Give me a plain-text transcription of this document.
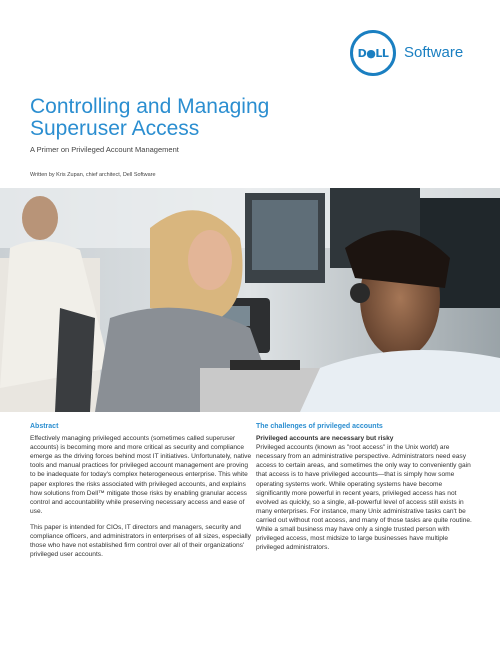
D●LL Software
Controlling and Managing Superuser Access
A Primer on Privileged Account Management
Written by Kris Zupan, chief architect, Dell Software
Abstract

Effectively managing privileged accounts (sometimes called superuser accounts) is becoming more and more critical as security and compliance emerge as the driving forces behind most IT initiatives. Unfortunately, native tools and manual practices for privileged account management are proving to be inadequate for today's complex heterogeneous enterprise. This white paper explores the risks associated with privileged accounts, and explains how solutions from Dell™ mitigate those risks by enabling granular access control and accountability while preserving necessary access and ease of use.

This paper is intended for CIOs, IT directors and managers, security and compliance officers, and administrators in enterprises of all sizes, especially those who have not established firm control over all of their organizations' privileged user accounts.

The challenges of privileged accounts
Privileged accounts are necessary but risky

Privileged accounts (known as "root access" in the Unix world) are necessary from an administrative perspective. Administrators need easy access to certain areas, and sometimes the only way to conveniently gain that access is to have privileged accounts—that is simply how some operating systems work. While operating systems have become significantly more powerful in recent years, privileged access has not evolved as quickly, so a single, all-powerful level of access still exists in many enterprises. For instance, many Unix administrative tasks can't be carried out without root access, and many of those tasks are quite routine. While a small business may have only a single trusted person with privileged access, most midsize to large businesses have multiple privileged administrators.
